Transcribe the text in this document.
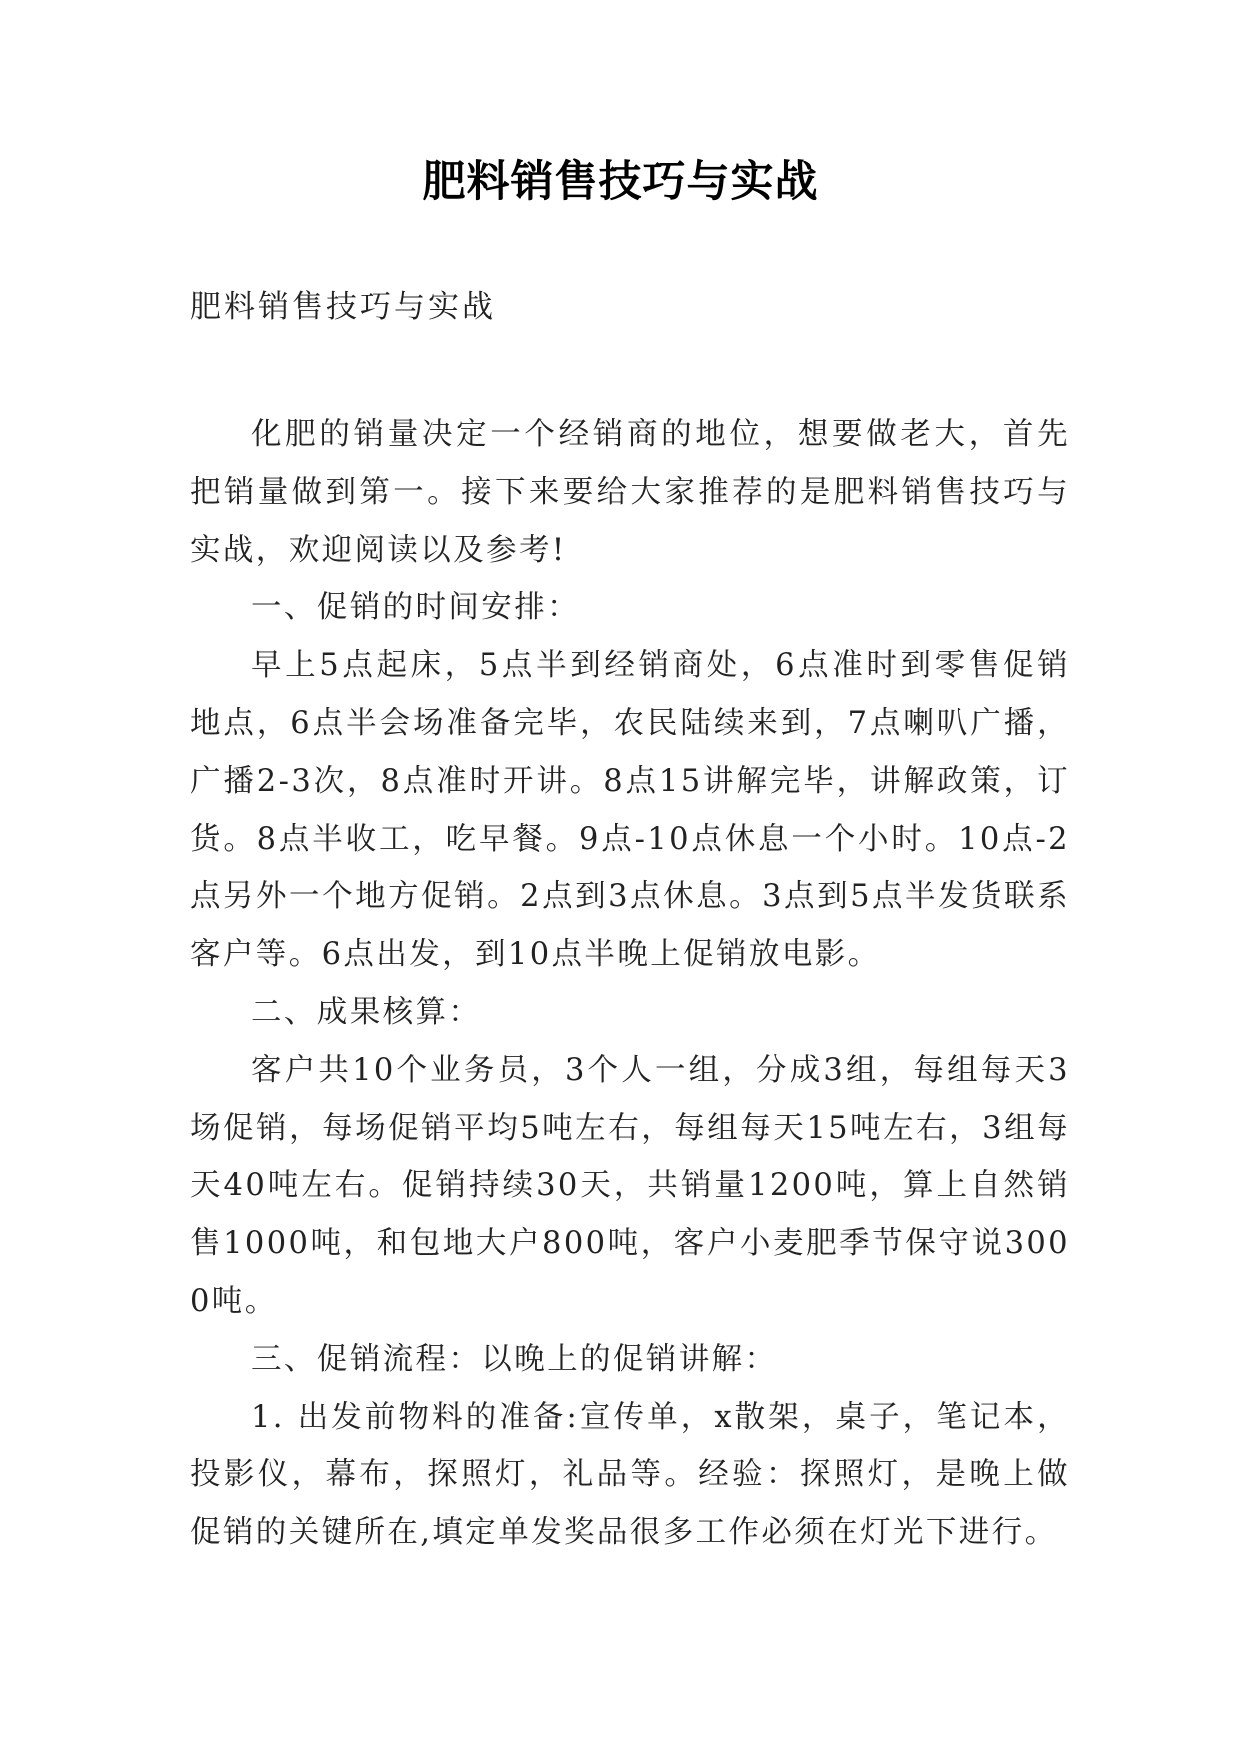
肥料销售技巧与实战
肥料销售技巧与实战

化肥的销量决定一个经销商的地位，想要做老大，首先把销量做到第一。接下来要给大家推荐的是肥料销售技巧与实战，欢迎阅读以及参考!

一、促销的时间安排：

早上5点起床，5点半到经销商处，6点准时到零售促销地点，6点半会场准备完毕，农民陆续来到，7点喇叭广播，广播2-3次，8点准时开讲。8点15讲解完毕，讲解政策，订货。8点半收工，吃早餐。9点-10点休息一个小时。10点-2点另外一个地方促销。2点到3点休息。3点到5点半发货联系客户等。6点出发，到10点半晚上促销放电影。

二、成果核算：

客户共10个业务员，3个人一组，分成3组，每组每天3场促销，每场促销平均5吨左右，每组每天15吨左右，3组每天40吨左右。促销持续30天，共销量1200吨，算上自然销售1000吨，和包地大户800吨，客户小麦肥季节保守说3000吨。

三、促销流程：以晚上的促销讲解：

1. 出发前物料的准备:宣传单，x散架，桌子，笔记本，投影仪，幕布，探照灯，礼品等。经验：探照灯，是晚上做促销的关键所在,填定单发奖品很多工作必须在灯光下进行。
